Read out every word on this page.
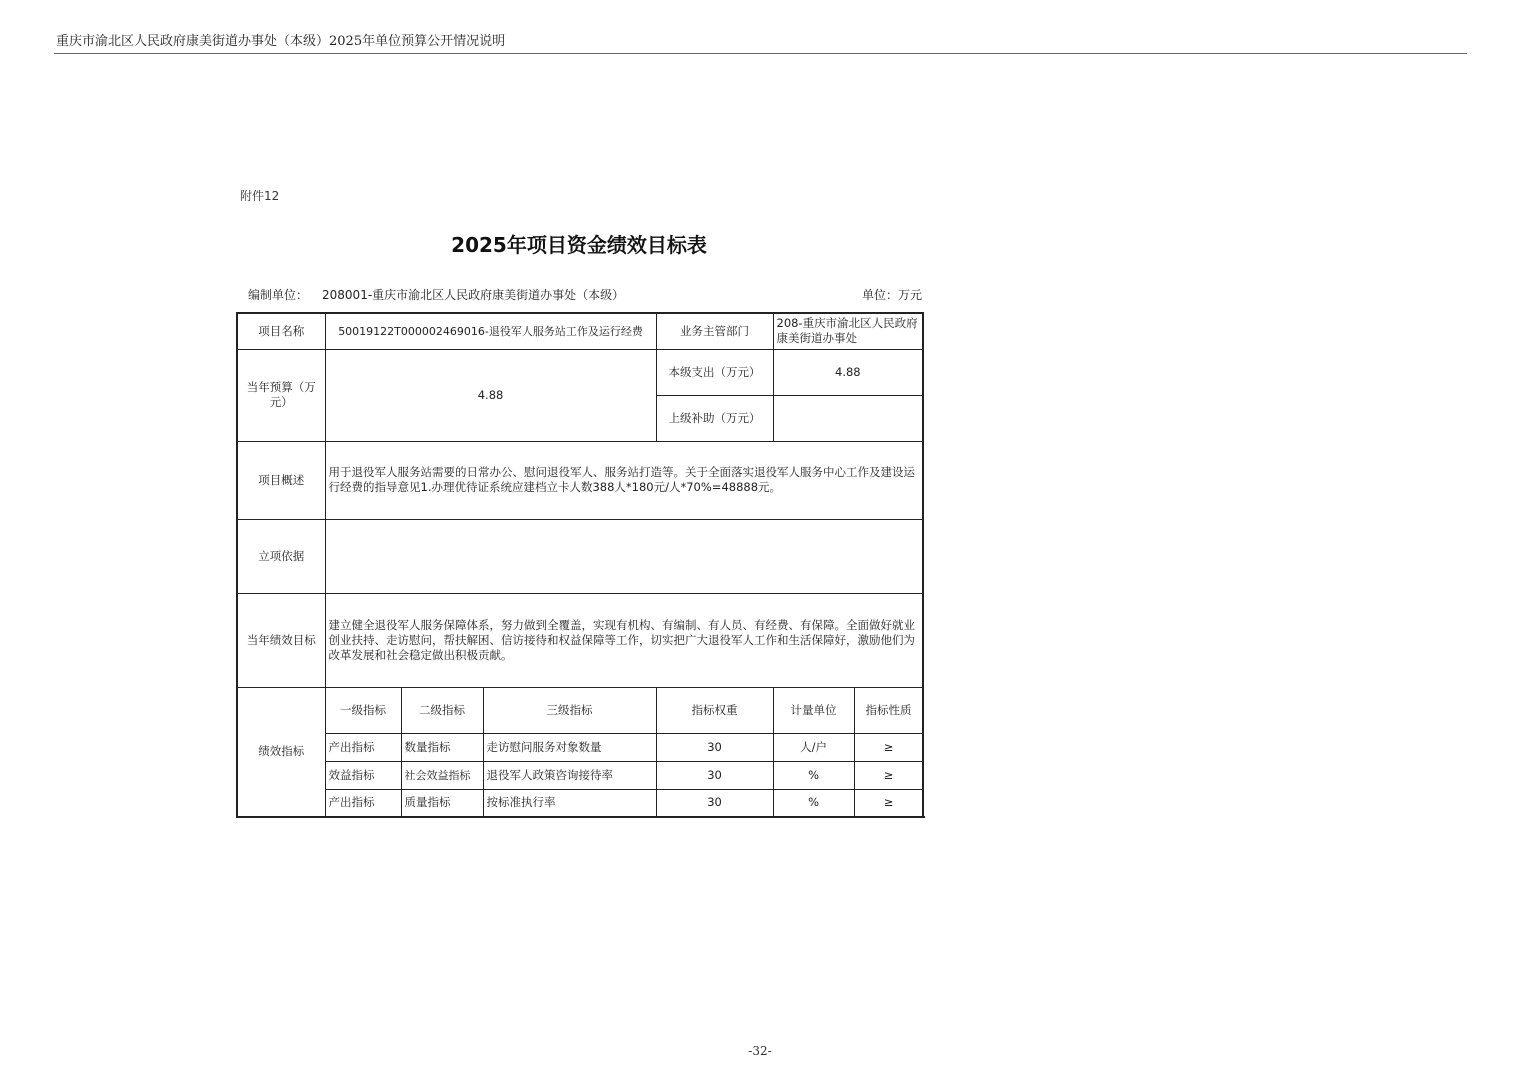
重庆市渝北区人民政府康美街道办事处（本级）2025年单位预算公开情况说明
附件12
2025年项目资金绩效目标表
编制单位： 208001-重庆市渝北区人民政府康美街道办事处（本级）	单位：万元
项目名称	50019122T000002469016-退役军人服务站工作及运行经费			业务主管部门	208-重庆市渝北区人民政府康美街道办事处		
当年预算（万元）	4.88			本级支出（万元）	4.88		
				上级补助（万元）			
项目概述	用于退役军人服务站需要的日常办公、慰问退役军人、服务站打造等。关于全面落实退役军人服务中心工作及建设运行经费的指导意见1.办理优待证系统应建档立卡人数388人*180元/人*70%=48888元。						
立项依据							
当年绩效目标	建立健全退役军人服务保障体系，努力做到全覆盖，实现有机构、有编制、有人员、有经费、有保障。全面做好就业创业扶持、走访慰问，帮扶解困、信访接待和权益保障等工作，切实把广大退役军人工作和生活保障好，激励他们为改革发展和社会稳定做出积极贡献。						
绩效指标	一级指标	二级指标	三级指标	指标权重	计量单位	指标性质	
	产出指标	数量指标	走访慰问服务对象数量	30	人/户	≥	
	效益指标	社会效益指标	退役军人政策咨询接待率	30	%	≥	
	产出指标	质量指标	按标准执行率	30	%	≥	
-32-
